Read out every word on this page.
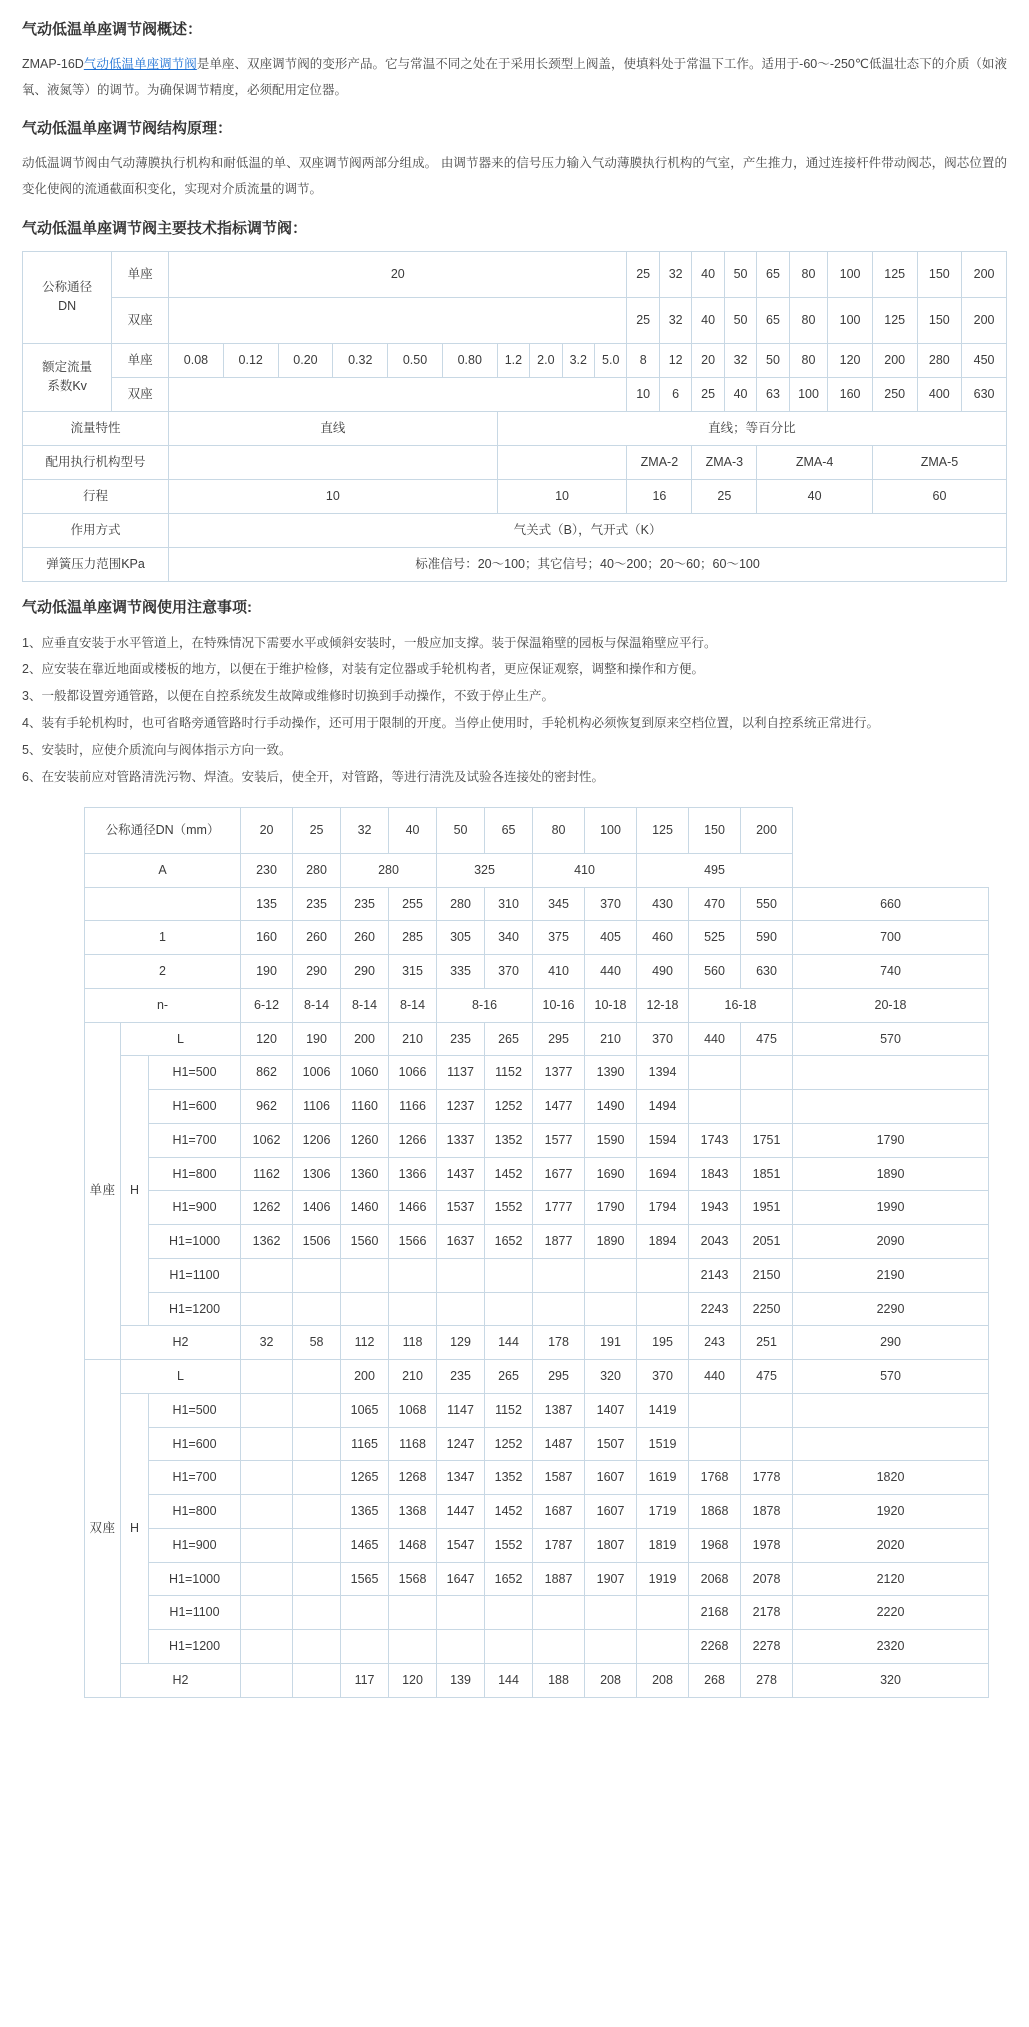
气动低温单座调节阀概述：

ZMAP-16D气动低温单座调节阀是单座、双座调节阀的变形产品。它与常温不同之处在于采用长颈型上阀盖，使填料处于常温下工作。适用于-60～-250℃低温壮态下的介质（如液氧、液氮等）的调节。为确保调节精度，必须配用定位器。

气动低温单座调节阀结构原理：

动低温调节阀由气动薄膜执行机构和耐低温的单、双座调节阀两部分组成。 由调节器来的信号压力输入气动薄膜执行机构的气室，产生推力，通过连接杆件带动阀芯，阀芯位置的变化使阀的流通截面积变化，实现对介质流量的调节。

气动低温单座调节阀主要技术指标调节阀：
公称通径
DN	单座	20										25	32	40	50	65	80	100	125	150	200
	双座											25	32	40	50	65	80	100	125	150	200

额定流量
系数Kv	单座	0.08	0.12	0.20	0.32	0.50	0.80	1.2	2.0	3.2	5.0	8	12	20	32	50	80	120	200	280	450
	双座											10	6	25	40	63	100	160	250	400	630
流量特性		直线						直线；等百分比													
配用执行机构型号												ZMA-2		ZMA-3		ZMA-4			ZMA-5		
行程		10						10				16		25		40			60		
作用方式		气关式（B），气开式（K）																			
弹簧压力范围KPa		标准信号：20～100；其它信号；40～200；20～60；60～100																			
气动低温单座调节阀使用注意事项:
1、应垂直安装于水平管道上，在特殊情况下需要水平或倾斜安装时，一般应加支撑。装于保温箱壁的园板与保温箱壁应平行。
2、应安装在靠近地面或楼板的地方，以便在于维护检修，对装有定位器或手轮机构者，更应保证观察，调整和操作和方便。
3、一般都设置旁通管路，以便在自控系统发生故障或维修时切换到手动操作，不致于停止生产。
4、装有手轮机构时，也可省略旁通管路时行手动操作，还可用于限制的开度。当停止使用时，手轮机构必须恢复到原来空档位置，以利自控系统正常进行。
5、安装时，应使介质流向与阀体指示方向一致。
6、在安装前应对管路清洗污物、焊渣。安装后，使全开，对管路，等进行清洗及试验各连接处的密封性。
公称通径DN（mm）			20	25	32	40	50	65	80	100	125	150	200	
A			230	280	280		325		410		495			
			135	235	235	255	280	310	345	370	430	470	550	660
1			160	260	260	285	305	340	375	405	460	525	590	700
2			190	290	290	315	335	370	410	440	490	560	630	740
n-			6-12	8-14	8-14	8-14	8-16		10-16	10-18	12-18	16-18		20-18
单座	L		120	190	200	210	235	265	295	210	370	440	475	570
	H	H1=500	862	1006	1060	1066	1137	1152	1377	1390	1394			
		H1=600	962	1106	1160	1166	1237	1252	1477	1490	1494			
		H1=700	1062	1206	1260	1266	1337	1352	1577	1590	1594	1743	1751	1790
		H1=800	1162	1306	1360	1366	1437	1452	1677	1690	1694	1843	1851	1890
		H1=900	1262	1406	1460	1466	1537	1552	1777	1790	1794	1943	1951	1990
		H1=1000	1362	1506	1560	1566	1637	1652	1877	1890	1894	2043	2051	2090
		H1=1100										2143	2150	2190
		H1=1200										2243	2250	2290
	H2		32	58	112	118	129	144	178	191	195	243	251	290
双座	L				200	210	235	265	295	320	370	440	475	570
	H	H1=500			1065	1068	1147	1152	1387	1407	1419			
		H1=600			1165	1168	1247	1252	1487	1507	1519			
		H1=700			1265	1268	1347	1352	1587	1607	1619	1768	1778	1820
		H1=800			1365	1368	1447	1452	1687	1607	1719	1868	1878	1920
		H1=900			1465	1468	1547	1552	1787	1807	1819	1968	1978	2020
		H1=1000			1565	1568	1647	1652	1887	1907	1919	2068	2078	2120
		H1=1100										2168	2178	2220
		H1=1200										2268	2278	2320
	H2				117	120	139	144	188	208	208	268	278	320
